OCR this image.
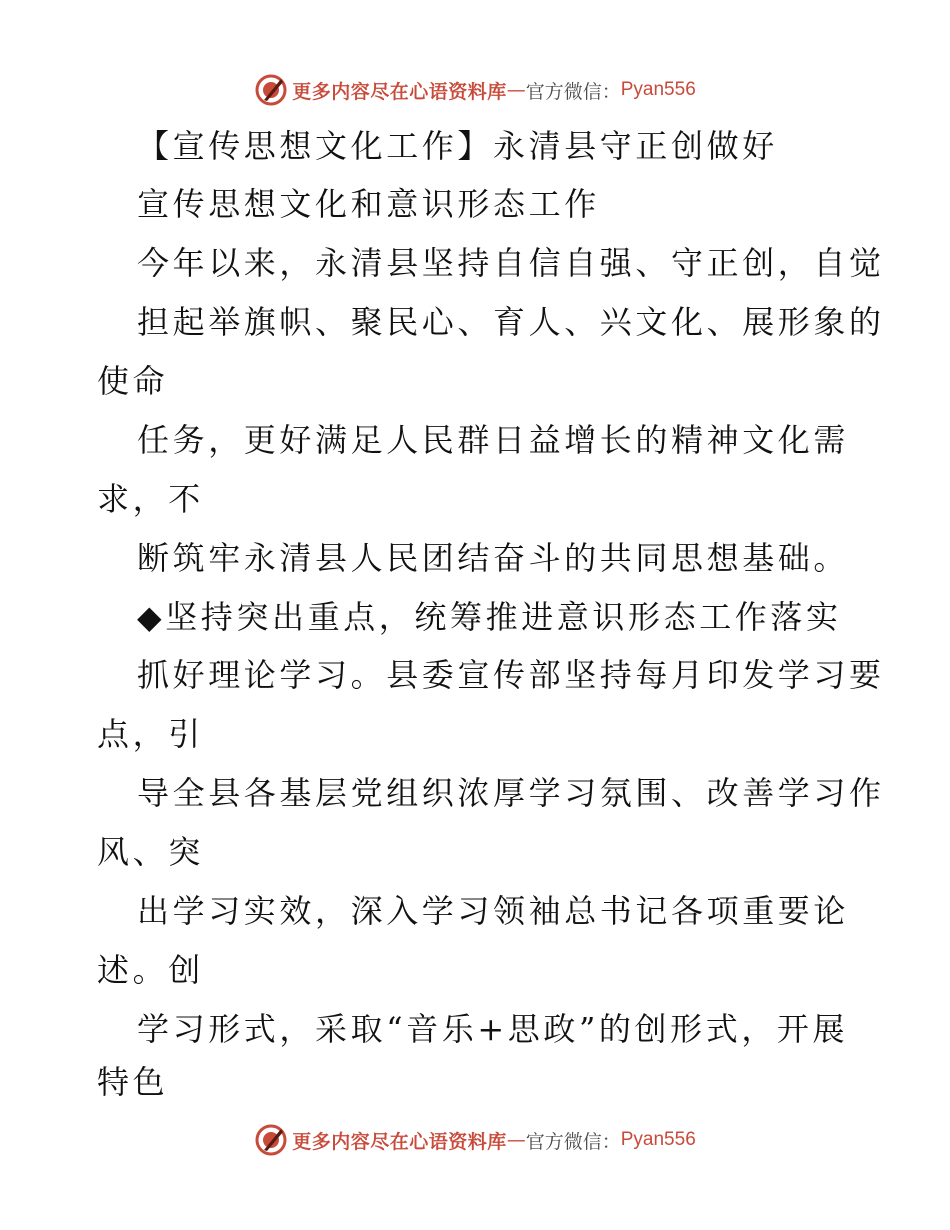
更多内容尽在心语资料库 — 官方微信： Pyan556
【宣传思想文化工作】永清县守正创做好
宣传思想文化和意识形态工作
今年以来，永清县坚持自信自强、守正创，自觉
担起举旗帜、聚民心、育人、兴文化、展形象的
使命
任务，更好满足人民群日益增长的精神文化需
求，不
断筑牢永清县人民团结奋斗的共同思想基础。
◆坚持突出重点，统筹推进意识形态工作落实
抓好理论学习。县委宣传部坚持每月印发学习要
点，引
导全县各基层党组织浓厚学习氛围、改善学习作
风、突
出学习实效，深入学习领袖总书记各项重要论
述。创
学习形式，采取“音乐+思政”的创形式，开展
特色
更多内容尽在心语资料库 — 官方微信： Pyan556
